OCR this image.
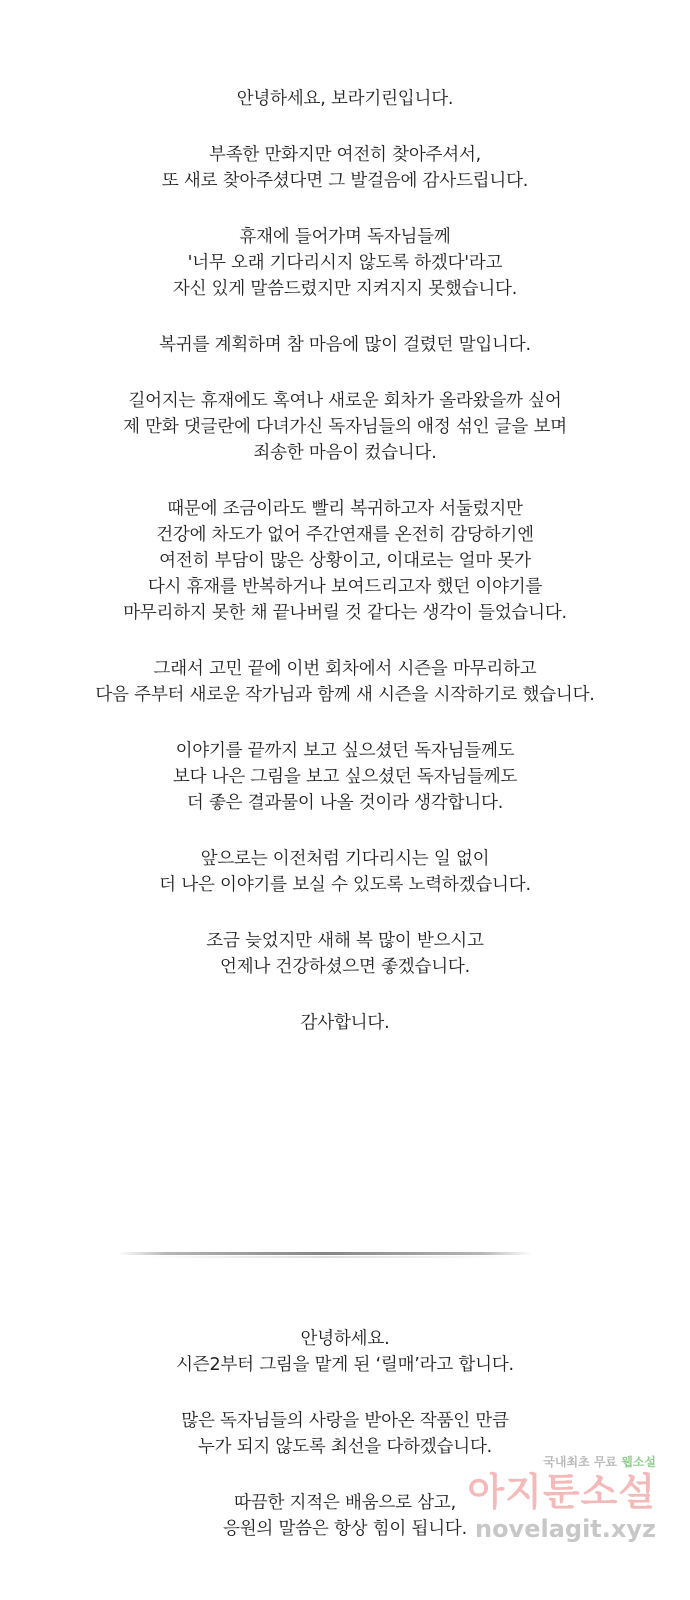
안녕하세요, 보라기린입니다.

부족한 만화지만 여전히 찾아주셔서,
또 새로 찾아주셨다면 그 발걸음에 감사드립니다.

휴재에 들어가며 독자님들께
'너무 오래 기다리시지 않도록 하겠다'라고
자신 있게 말씀드렸지만 지켜지지 못했습니다.

복귀를 계획하며 참 마음에 많이 걸렸던 말입니다.

길어지는 휴재에도 혹여나 새로운 회차가 올라왔을까 싶어
제 만화 댓글란에 다녀가신 독자님들의 애정 섞인 글을 보며
죄송한 마음이 컸습니다.

때문에 조금이라도 빨리 복귀하고자 서둘렀지만
건강에 차도가 없어 주간연재를 온전히 감당하기엔
여전히 부담이 많은 상황이고, 이대로는 얼마 못가
다시 휴재를 반복하거나 보여드리고자 했던 이야기를
마무리하지 못한 채 끝나버릴 것 같다는 생각이 들었습니다.

그래서 고민 끝에 이번 회차에서 시즌을 마무리하고
다음 주부터 새로운 작가님과 함께 새 시즌을 시작하기로 했습니다.

이야기를 끝까지 보고 싶으셨던 독자님들께도
보다 나은 그림을 보고 싶으셨던 독자님들께도
더 좋은 결과물이 나올 것이라 생각합니다.

앞으로는 이전처럼 기다리시는 일 없이
더 나은 이야기를 보실 수 있도록 노력하겠습니다.

조금 늦었지만 새해 복 많이 받으시고
언제나 건강하셨으면 좋겠습니다.

감사합니다.

안녕하세요.
시즌2부터 그림을 맡게 된 ‘릴매’라고 합니다.

많은 독자님들의 사랑을 받아온 작품인 만큼
누가 되지 않도록 최선을 다하겠습니다.

따끔한 지적은 배움으로 삼고,
응원의 말씀은 항상 힘이 됩니다.

국내최초 무료 웹소설
아지툰소설
novelagit.xyz
